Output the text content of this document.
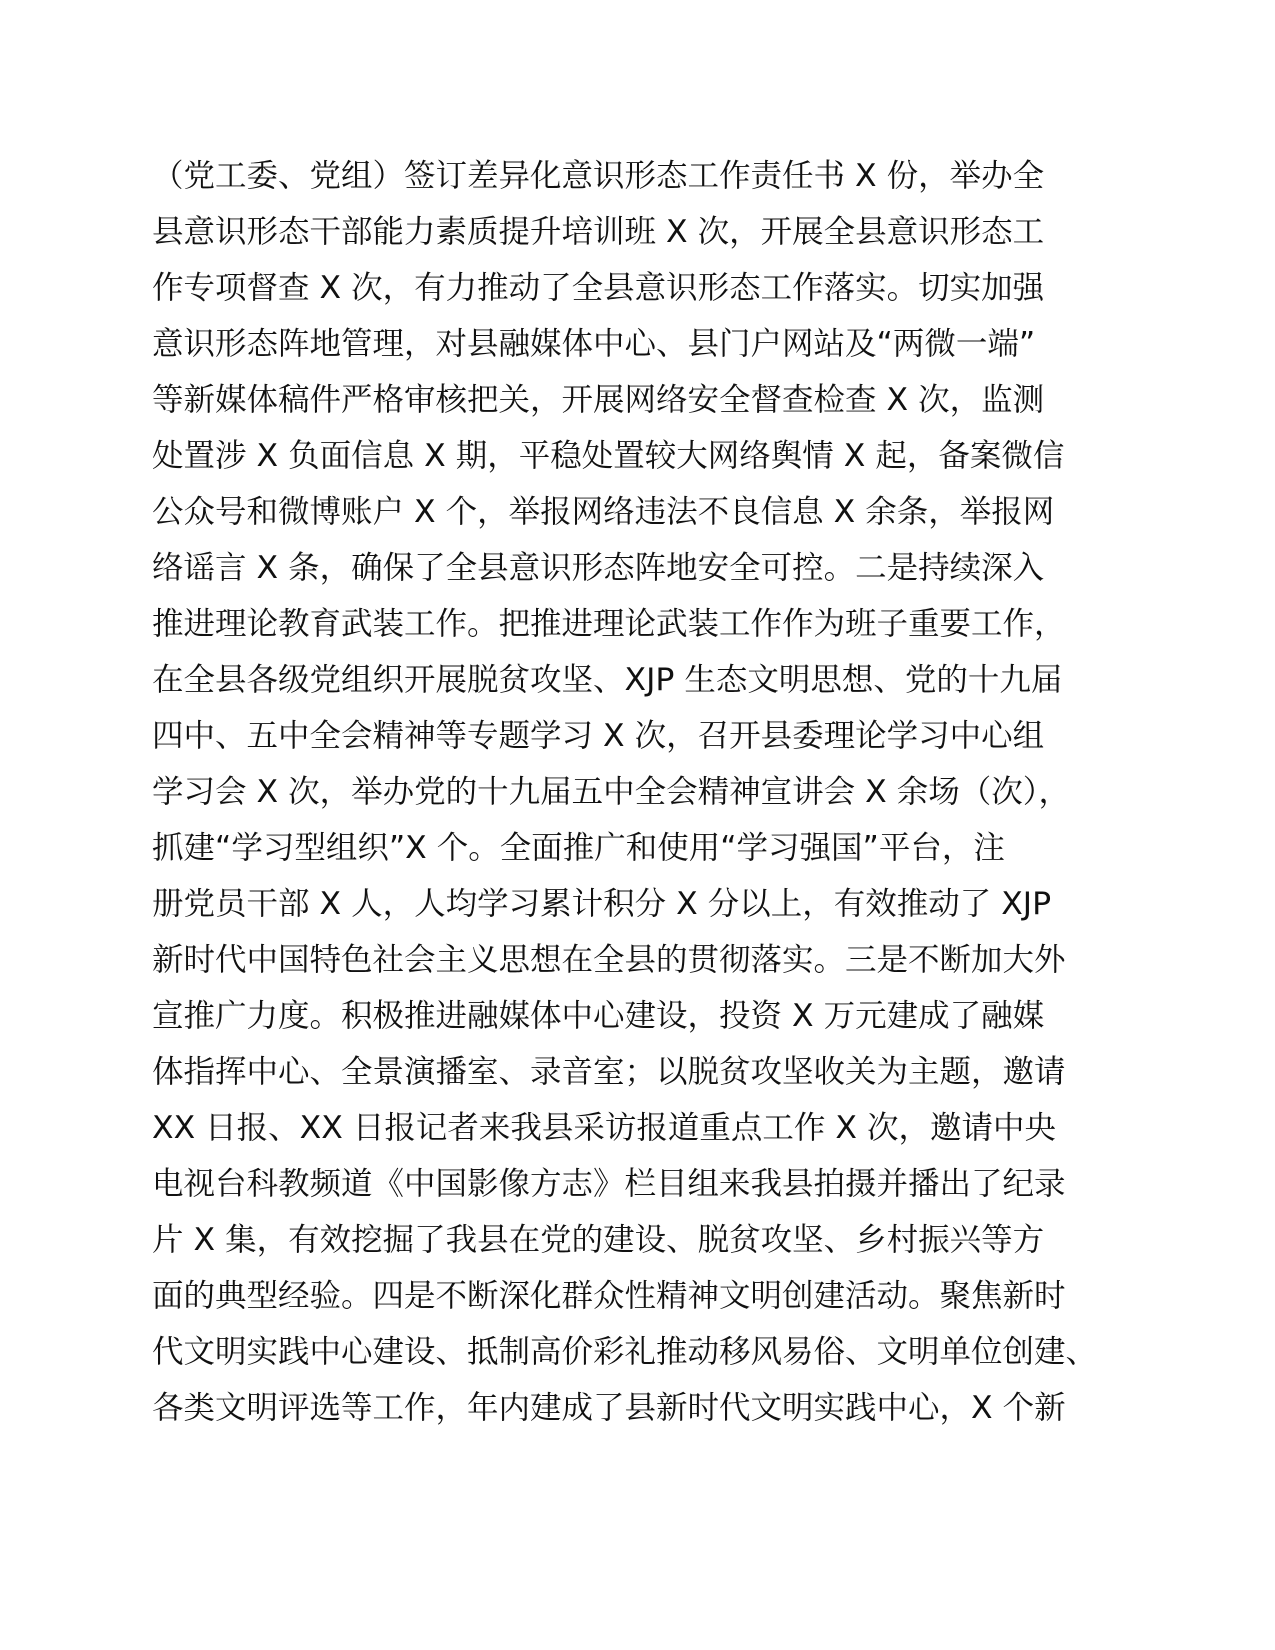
（党工委、党组）签订差异化意识形态工作责任书 X 份，举办全
县意识形态干部能力素质提升培训班 X 次，开展全县意识形态工
作专项督查 X 次，有力推动了全县意识形态工作落实。切实加强
意识形态阵地管理，对县融媒体中心、县门户网站及“两微一端”
等新媒体稿件严格审核把关，开展网络安全督查检查 X 次，监测
处置涉 X 负面信息 X 期，平稳处置较大网络舆情 X 起，备案微信
公众号和微博账户 X 个，举报网络违法不良信息 X 余条，举报网
络谣言 X 条，确保了全县意识形态阵地安全可控。二是持续深入
推进理论教育武装工作。把推进理论武装工作作为班子重要工作，
在全县各级党组织开展脱贫攻坚、XJP 生态文明思想、党的十九届
四中、五中全会精神等专题学习 X 次，召开县委理论学习中心组
学习会 X 次，举办党的十九届五中全会精神宣讲会 X 余场（次），
抓建“学习型组织”X 个。全面推广和使用“学习强国”平台，注
册党员干部 X 人，人均学习累计积分 X 分以上，有效推动了 XJP
新时代中国特色社会主义思想在全县的贯彻落实。三是不断加大外
宣推广力度。积极推进融媒体中心建设，投资 X 万元建成了融媒
体指挥中心、全景演播室、录音室；以脱贫攻坚收关为主题，邀请
XX 日报、XX 日报记者来我县采访报道重点工作 X 次，邀请中央
电视台科教频道《中国影像方志》栏目组来我县拍摄并播出了纪录
片 X 集，有效挖掘了我县在党的建设、脱贫攻坚、乡村振兴等方
面的典型经验。四是不断深化群众性精神文明创建活动。聚焦新时
代文明实践中心建设、抵制高价彩礼推动移风易俗、文明单位创建、
各类文明评选等工作，年内建成了县新时代文明实践中心，X 个新
